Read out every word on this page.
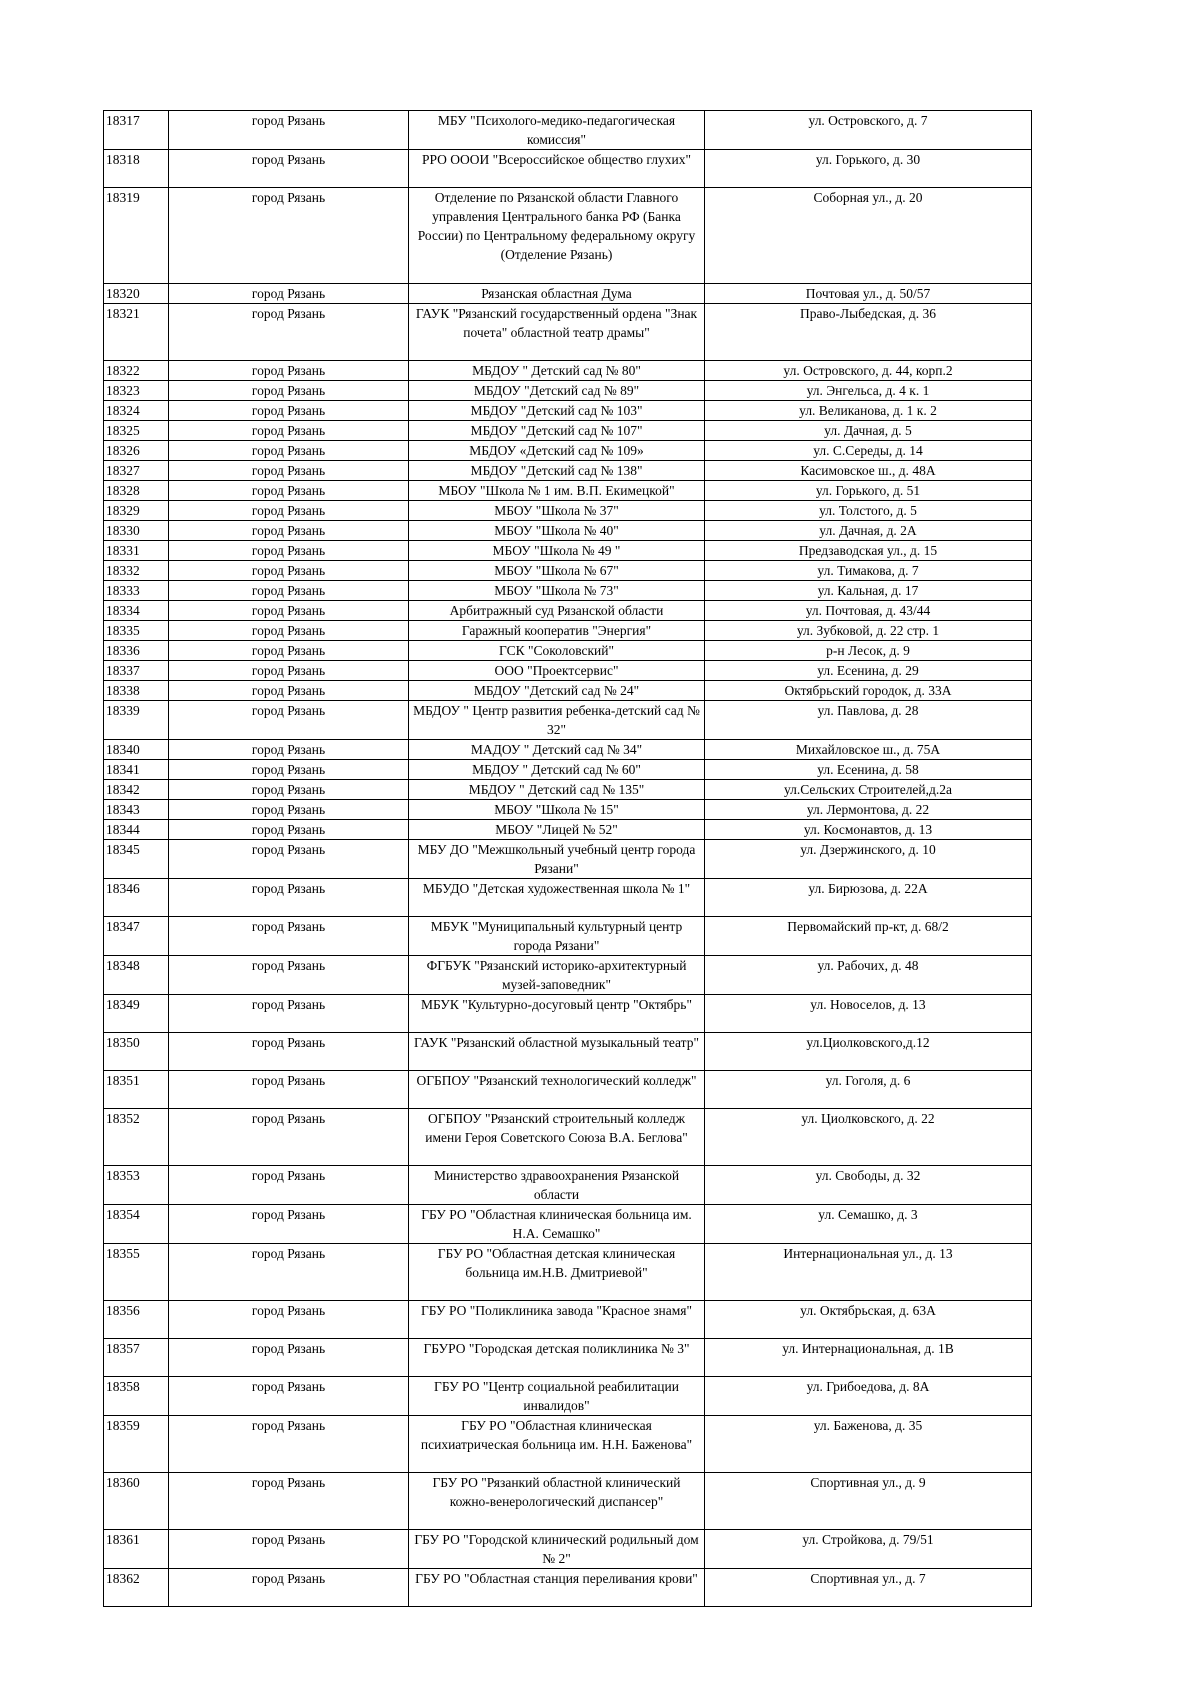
18317	город Рязань	МБУ "Психолого-медико-педагогическая комиссия"	ул. Островского, д. 7
18318	город Рязань	РРО ОООИ "Всероссийское общество глухих"	ул. Горького, д. 30
18319	город Рязань	Отделение по Рязанской области Главного управления Центрального банка РФ (Банка России) по Центральному федеральному округу (Отделение Рязань)	Соборная ул., д. 20
18320	город Рязань	Рязанская областная Дума	Почтовая ул., д. 50/57
18321	город Рязань	ГАУК "Рязанский государственный ордена "Знак почета" областной театр драмы"	Право-Лыбедская, д. 36
18322	город Рязань	МБДОУ " Детский сад № 80"	ул. Островского, д. 44, корп.2
18323	город Рязань	МБДОУ "Детский сад № 89"	ул. Энгельса, д. 4 к. 1
18324	город Рязань	МБДОУ "Детский сад № 103"	ул. Великанова, д. 1 к. 2
18325	город Рязань	МБДОУ "Детский сад № 107"	ул. Дачная, д. 5
18326	город Рязань	МБДОУ «Детский сад № 109»	ул. С.Середы, д. 14
18327	город Рязань	МБДОУ "Детский сад № 138"	Касимовское ш., д. 48А
18328	город Рязань	МБОУ "Школа № 1 им. В.П. Екимецкой"	ул. Горького, д. 51
18329	город Рязань	МБОУ "Школа № 37"	ул. Толстого, д. 5
18330	город Рязань	МБОУ "Школа № 40"	ул. Дачная, д. 2А
18331	город Рязань	МБОУ "Школа № 49 "	Предзаводская ул., д. 15
18332	город Рязань	МБОУ "Школа № 67"	ул. Тимакова, д. 7
18333	город Рязань	МБОУ "Школа № 73"	ул. Кальная, д. 17
18334	город Рязань	Арбитражный суд Рязанской области	ул. Почтовая, д. 43/44
18335	город Рязань	Гаражный кооператив "Энергия"	ул. Зубковой, д. 22 стр. 1
18336	город Рязань	ГСК "Соколовский"	р-н Лесок, д. 9
18337	город Рязань	ООО "Проектсервис"	ул. Есенина, д. 29
18338	город Рязань	МБДОУ "Детский сад № 24"	Октябрьский городок, д. 33А
18339	город Рязань	МБДОУ " Центр развития ребенка-детский сад № 32"	ул. Павлова, д. 28
18340	город Рязань	МАДОУ " Детский сад № 34"	Михайловское ш., д. 75А
18341	город Рязань	МБДОУ " Детский сад № 60"	ул. Есенина, д. 58
18342	город Рязань	МБДОУ " Детский сад № 135"	ул.Сельских Строителей,д.2а
18343	город Рязань	МБОУ "Школа № 15"	ул. Лермонтова, д. 22
18344	город Рязань	МБОУ "Лицей № 52"	ул. Космонавтов, д. 13
18345	город Рязань	МБУ ДО "Межшкольный учебный центр города Рязани"	ул. Дзержинского, д. 10
18346	город Рязань	МБУДО "Детская художественная школа № 1"	ул. Бирюзова, д. 22А
18347	город Рязань	МБУК "Муниципальный культурный центр города Рязани"	Первомайский пр-кт, д. 68/2
18348	город Рязань	ФГБУК "Рязанский историко-архитектурный музей-заповедник"	ул. Рабочих, д. 48
18349	город Рязань	МБУК "Культурно-досуговый центр "Октябрь"	ул. Новоселов, д. 13
18350	город Рязань	ГАУК "Рязанский областной музыкальный театр"	ул.Циолковского,д.12
18351	город Рязань	ОГБПОУ "Рязанский технологический колледж"	ул. Гоголя, д. 6
18352	город Рязань	ОГБПОУ "Рязанский строительный колледж имени Героя Советского Союза В.А. Беглова"	ул. Циолковского, д. 22
18353	город Рязань	Министерство здравоохранения Рязанской области	ул. Свободы, д. 32
18354	город Рязань	ГБУ РО "Областная клиническая больница им. Н.А. Семашко"	ул. Семашко, д. 3
18355	город Рязань	ГБУ РО "Областная детская клиническая больница им.Н.В. Дмитриевой"	Интернациональная ул., д. 13
18356	город Рязань	ГБУ РО "Поликлиника завода "Красное знамя"	ул. Октябрьская, д. 63А
18357	город Рязань	ГБУРО "Городская детская поликлиника № 3"	ул. Интернациональная, д. 1В
18358	город Рязань	ГБУ РО "Центр социальной реабилитации инвалидов"	ул. Грибоедова, д. 8А
18359	город Рязань	ГБУ РО "Областная клиническая психиатрическая больница им. Н.Н. Баженова"	ул. Баженова, д. 35
18360	город Рязань	ГБУ РО "Рязанкий областной клинический кожно-венерологический диспансер"	Спортивная ул., д. 9
18361	город Рязань	ГБУ РО "Городской клинический родильный дом № 2"	ул. Стройкова, д. 79/51
18362	город Рязань	ГБУ РО "Областная станция переливания крови"	Спортивная ул., д. 7
